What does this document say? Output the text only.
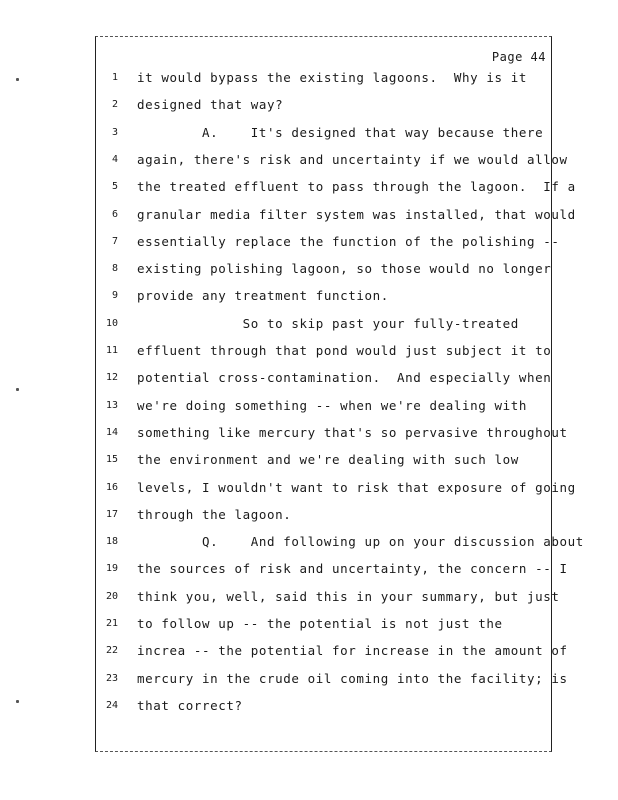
Page 44
1 it would bypass the existing lagoons.  Why is it
2 designed that way?
3 A.    It's designed that way because there
4 again, there's risk and uncertainty if we would allow
5 the treated effluent to pass through the lagoon.  If a
6 granular media filter system was installed, that would
7 essentially replace the function of the polishing --
8 existing polishing lagoon, so those would no longer
9 provide any treatment function.
10 So to skip past your fully-treated
11 effluent through that pond would just subject it to
12 potential cross-contamination.  And especially when
13 we're doing something -- when we're dealing with
14 something like mercury that's so pervasive throughout
15 the environment and we're dealing with such low
16 levels, I wouldn't want to risk that exposure of going
17 through the lagoon.
18 Q.    And following up on your discussion about
19 the sources of risk and uncertainty, the concern -- I
20 think you, well, said this in your summary, but just
21 to follow up -- the potential is not just the
22 increa -- the potential for increase in the amount of
23 mercury in the crude oil coming into the facility; is
24 that correct?
